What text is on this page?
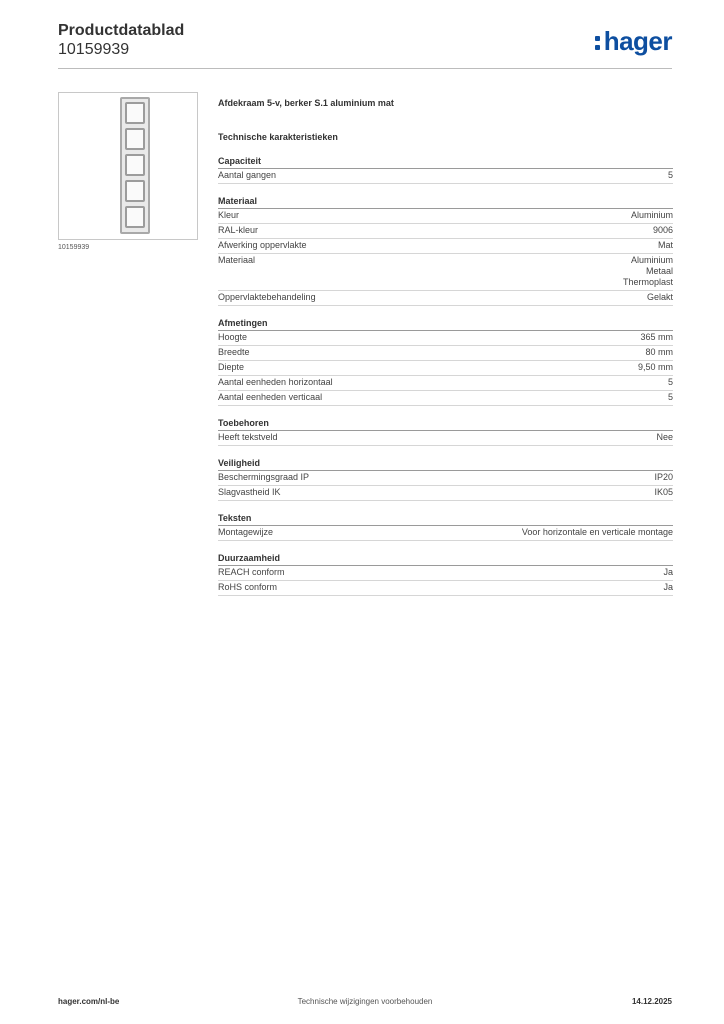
Productdatablad
10159939	hager
10159939
Afdekraam 5-v, berker S.1 aluminium mat
Technische karakteristieken
Capaciteit
Aantal gangen	5
Materiaal
Kleur	Aluminium
RAL-kleur	9006
Afwerking oppervlakte	Mat
Materiaal	Aluminium
Metaal
Thermoplast
Oppervlaktebehandeling	Gelakt
Afmetingen
Hoogte	365 mm
Breedte	80 mm
Diepte	9,50 mm
Aantal eenheden horizontaal	5
Aantal eenheden verticaal	5
Toebehoren
Heeft tekstveld	Nee
Veiligheid
Beschermingsgraad IP	IP20
Slagvastheid IK	IK05
Teksten
Montagewijze	Voor horizontale en verticale montage
Duurzaamheid
REACH conform	Ja
RoHS conform	Ja
hager.com/nl-be	Technische wijzigingen voorbehouden	14.12.2025
